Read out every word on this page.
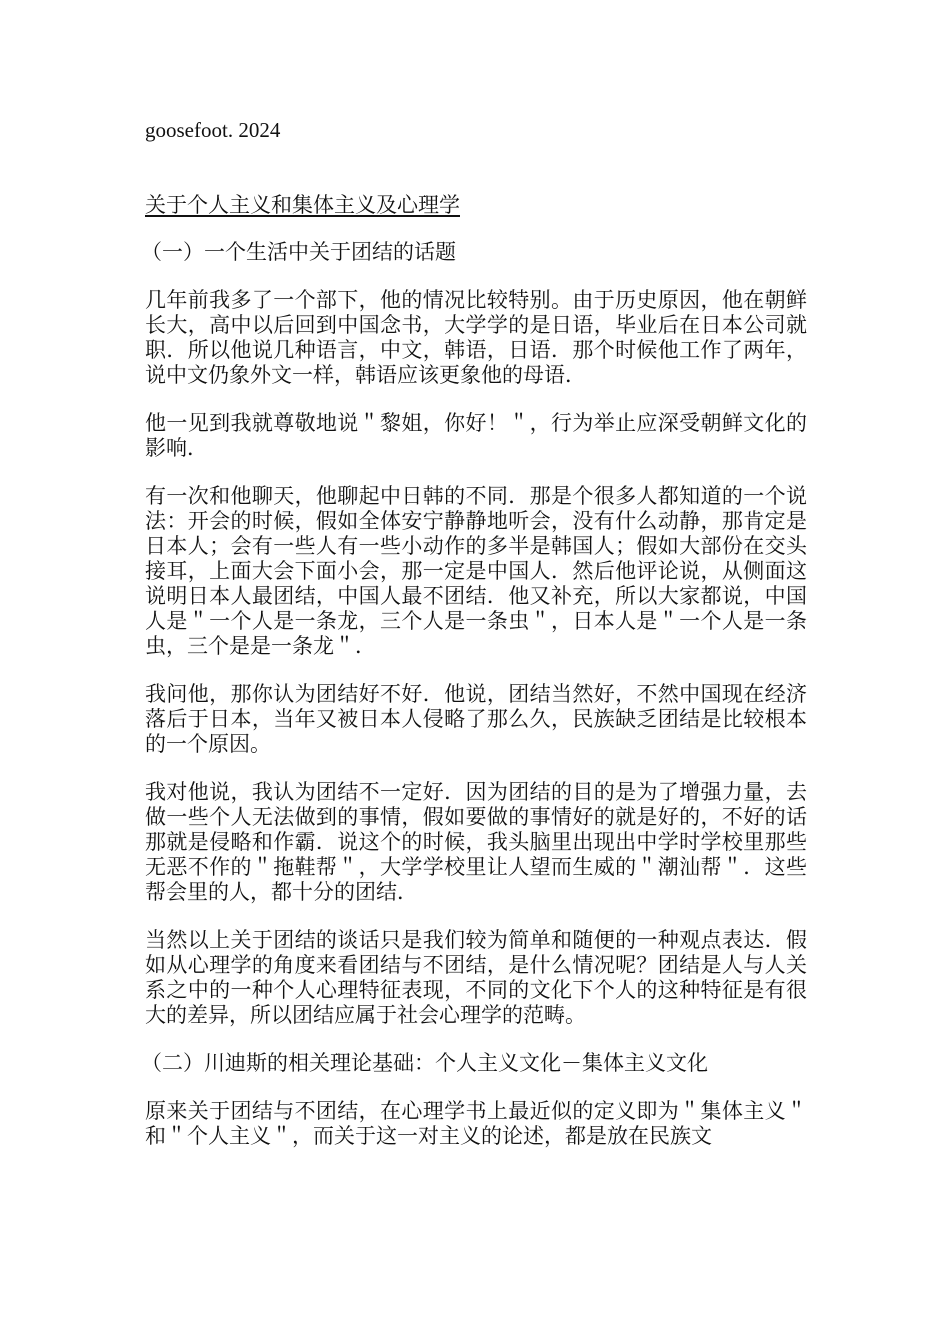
goosefoot. 2024
关于个人主义和集体主义及心理学
（一）一个生活中关于团结的话题

几年前我多了一个部下，他的情况比较特别。由于历史原因，他在朝鲜长大，高中以后回到中国念书，大学学的是日语，毕业后在日本公司就职．所以他说几种语言，中文，韩语，日语．那个时候他工作了两年，说中文仍象外文一样，韩语应该更象他的母语．

他一见到我就尊敬地说＂黎姐，你好！＂，行为举止应深受朝鲜文化的影响．

有一次和他聊天，他聊起中日韩的不同．那是个很多人都知道的一个说法：开会的时候，假如全体安宁静静地听会，没有什么动静，那肯定是日本人；会有一些人有一些小动作的多半是韩国人；假如大部份在交头接耳，上面大会下面小会，那一定是中国人．然后他评论说，从侧面这说明日本人最团结，中国人最不团结．他又补充，所以大家都说，中国人是＂一个人是一条龙，三个人是一条虫＂，日本人是＂一个人是一条虫，三个是是一条龙＂．

我问他，那你认为团结好不好．他说，团结当然好，不然中国现在经济落后于日本，当年又被日本人侵略了那么久，民族缺乏团结是比较根本的一个原因。

我对他说，我认为团结不一定好．因为团结的目的是为了增强力量，去做一些个人无法做到的事情，假如要做的事情好的就是好的，不好的话那就是侵略和作霸．说这个的时候，我头脑里出现出中学时学校里那些无恶不作的＂拖鞋帮＂，大学学校里让人望而生威的＂潮汕帮＂．这些帮会里的人，都十分的团结．

当然以上关于团结的谈话只是我们较为简单和随便的一种观点表达．假如从心理学的角度来看团结与不团结，是什么情况呢？团结是人与人关系之中的一种个人心理特征表现，不同的文化下个人的这种特征是有很大的差异，所以团结应属于社会心理学的范畴。

（二）川迪斯的相关理论基础：个人主义文化－集体主义文化

原来关于团结与不团结，在心理学书上最近似的定义即为＂集体主义＂和＂个人主义＂，而关于这一对主义的论述，都是放在民族文
